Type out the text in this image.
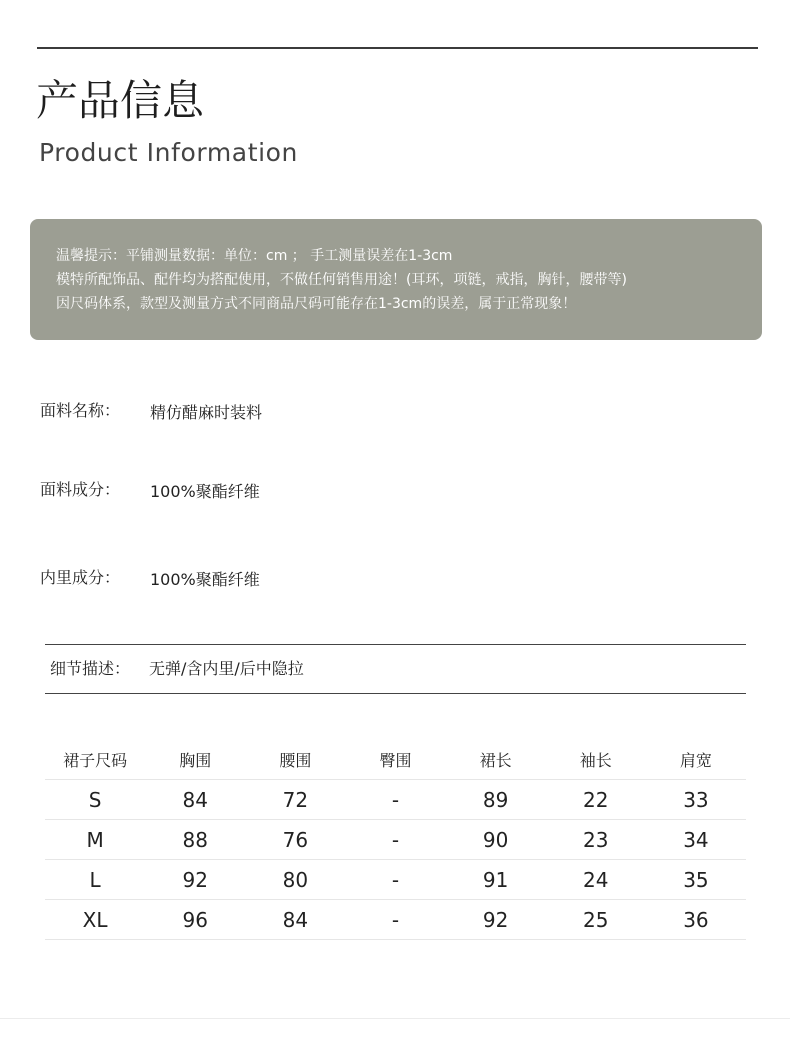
产品信息
Product Information
温馨提示：平铺测量数据：单位：cm ； 手工测量误差在1-3cm
模特所配饰品、配件均为搭配使用，不做任何销售用途！(耳环，项链，戒指，胸针，腰带等)
因尺码体系，款型及测量方式不同商品尺码可能存在1-3cm的误差，属于正常现象！
面料名称： 精仿醋麻时装料
面料成分： 100%聚酯纤维
内里成分： 100%聚酯纤维
细节描述： 无弹/含内里/后中隐拉
裙子尺码	胸围	腰围	臀围	裙长	袖长	肩宽
S	84	72	-	89	22	33
M	88	76	-	90	23	34
L	92	80	-	91	24	35
XL	96	84	-	92	25	36
